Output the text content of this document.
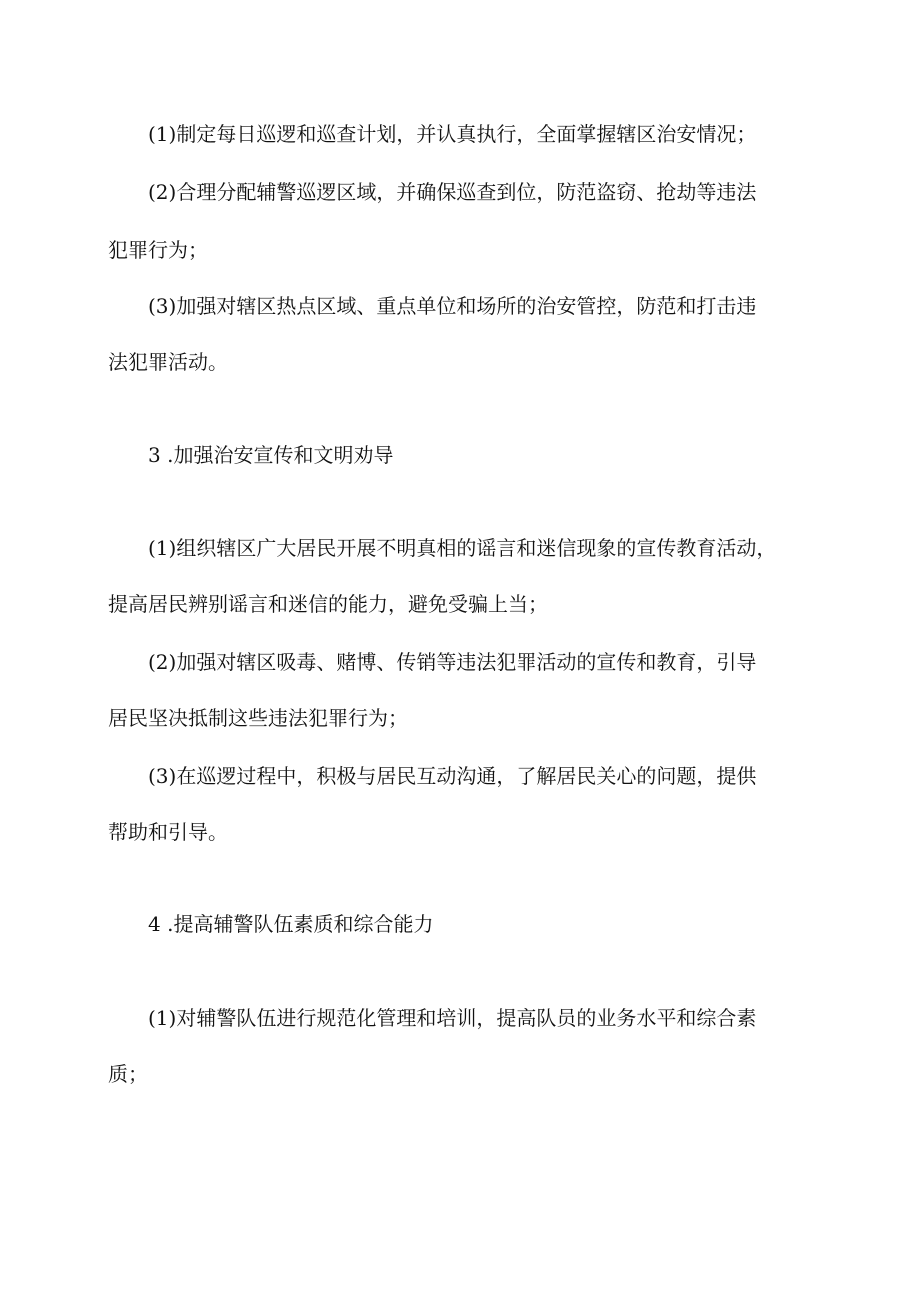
(1)制定每日巡逻和巡查计划，并认真执行，全面掌握辖区治安情况；
(2)合理分配辅警巡逻区域，并确保巡查到位，防范盗窃、抢劫等违法
犯罪行为；
(3)加强对辖区热点区域、重点单位和场所的治安管控，防范和打击违
法犯罪活动。
3 .加强治安宣传和文明劝导
(1)组织辖区广大居民开展不明真相的谣言和迷信现象的宣传教育活动，
提高居民辨别谣言和迷信的能力，避免受骗上当；
(2)加强对辖区吸毒、赌博、传销等违法犯罪活动的宣传和教育，引导
居民坚决抵制这些违法犯罪行为；
(3)在巡逻过程中，积极与居民互动沟通，了解居民关心的问题，提供
帮助和引导。
4 .提高辅警队伍素质和综合能力
(1)对辅警队伍进行规范化管理和培训，提高队员的业务水平和综合素
质；
